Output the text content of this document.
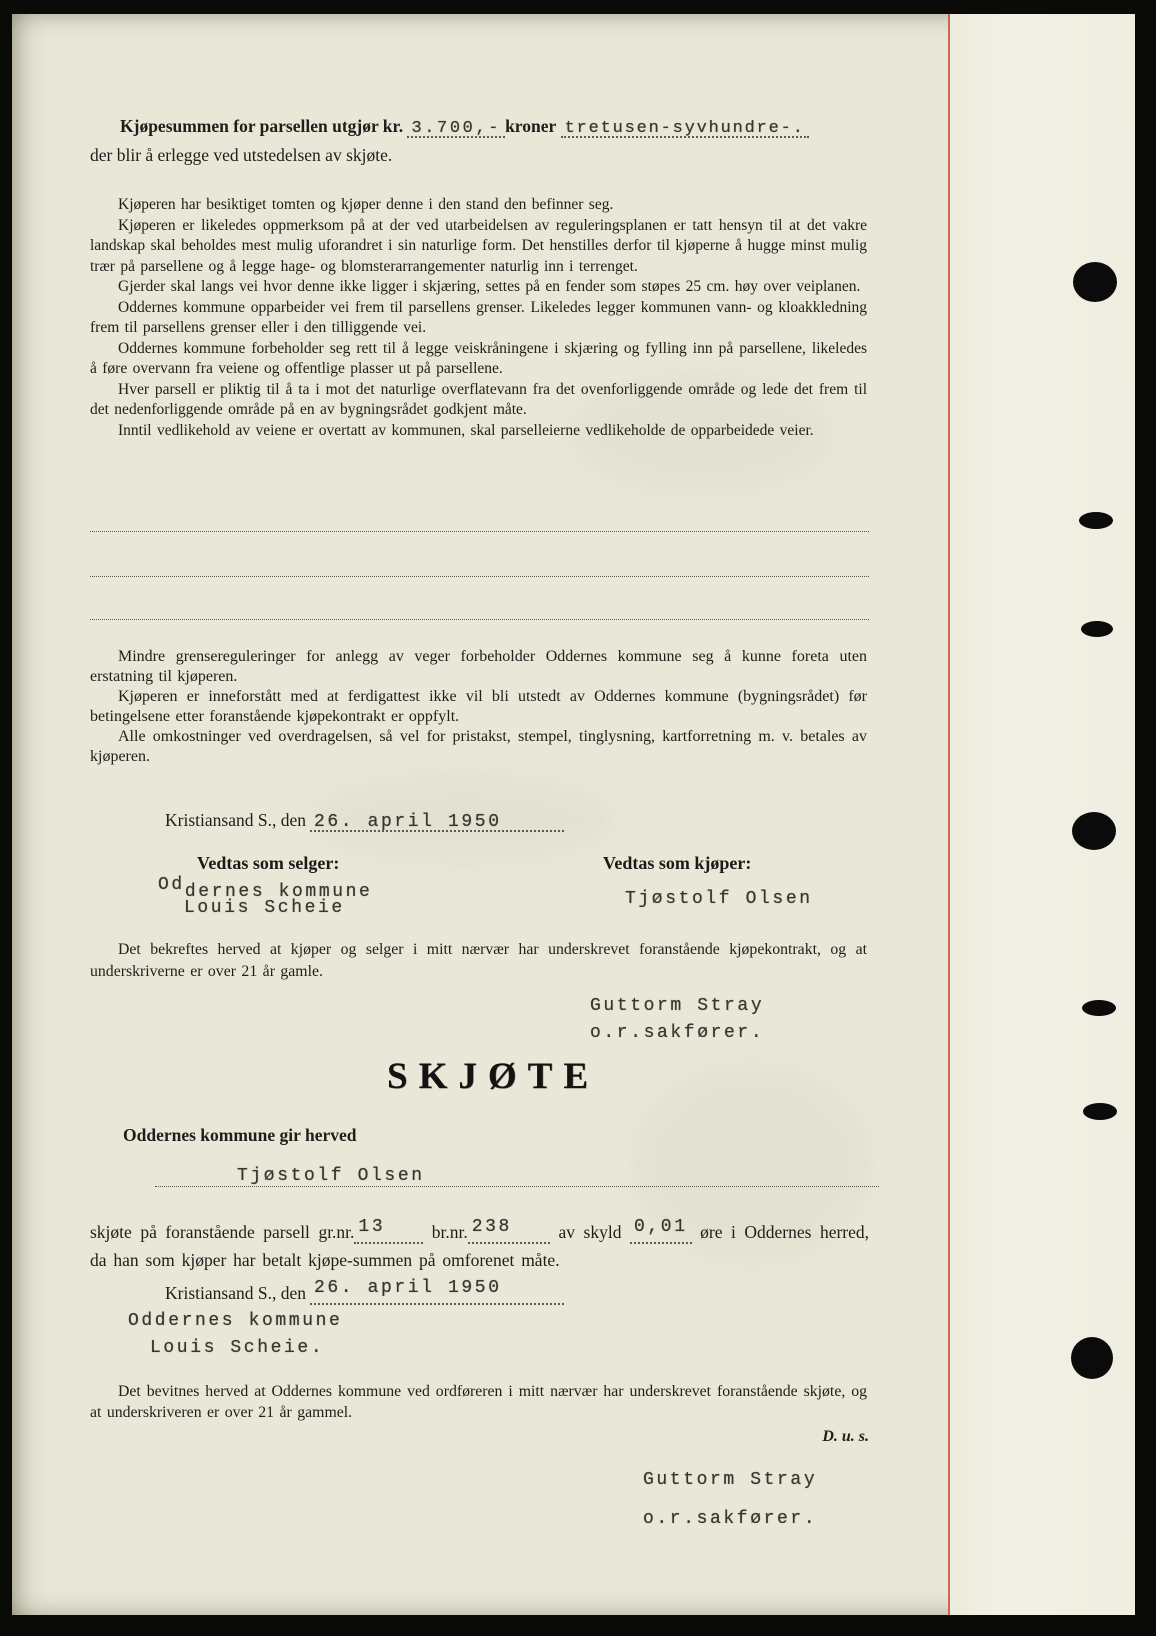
Kjøpesummen for parsellen utgjør kr. 3.700,- kroner tretusen-syvhundre-.
der blir å erlegge ved utstedelsen av skjøte.

Kjøperen har besiktiget tomten og kjøper denne i den stand den befinner seg.

Kjøperen er likeledes oppmerksom på at der ved utarbeidelsen av reguleringsplanen er tatt hensyn til at det vakre landskap skal beholdes mest mulig uforandret i sin naturlige form. Det henstilles derfor til kjøperne å hugge minst mulig trær på parsellene og å legge hage- og blomsterarrangementer naturlig inn i terrenget.

Gjerder skal langs vei hvor denne ikke ligger i skjæring, settes på en fender som støpes 25 cm. høy over veiplanen.

Oddernes kommune opparbeider vei frem til parsellens grenser. Likeledes legger kommunen vann- og kloakkledning frem til parsellens grenser eller i den tilliggende vei.

Oddernes kommune forbeholder seg rett til å legge veiskråningene i skjæring og fylling inn på parsellene, likeledes å føre overvann fra veiene og offentlige plasser ut på parsellene.

Hver parsell er pliktig til å ta i mot det naturlige overflatevann fra det ovenforliggende område og lede det frem til det nedenforliggende område på en av bygningsrådet godkjent måte.

Inntil vedlikehold av veiene er overtatt av kommunen, skal parselleierne vedlikeholde de opparbeidede veier.

Mindre grensereguleringer for anlegg av veger forbeholder Oddernes kommune seg å kunne foreta uten erstatning til kjøperen.

Kjøperen er inneforstått med at ferdigattest ikke vil bli utstedt av Oddernes kommune (bygningsrådet) før betingelsene etter foranstående kjøpekontrakt er oppfylt.

Alle omkostninger ved overdragelsen, så vel for pristakst, stempel, tinglysning, kartforretning m. v. betales av kjøperen.

Kristiansand S., den 26. april 1950
Vedtas som selger:	Vedtas som kjøper:
Oddernes kommune
Louis Scheie	Tjøstolf Olsen
Det bekreftes herved at kjøper og selger i mitt nærvær har underskrevet foranstående kjøpekontrakt, og at underskriverne er over 21 år gamle.
Guttorm Stray
o.r.sakfører.
SKJØTE
Oddernes kommune gir herved
Tjøstolf Olsen
skjøte på foranstående parsell gr.nr. 13	br.nr. 238	av skyld 0,01 øre i Oddernes herred, da han som kjøper har betalt kjøpe-summen på omforenet måte.
Kristiansand S., den 26. april 1950
Oddernes kommune
Louis Scheie.
Det bevitnes herved at Oddernes kommune ved ordføreren i mitt nærvær har underskrevet foranstående skjøte, og at underskriveren er over 21 år gammel.
D. u. s.
Guttorm Stray
o.r.sakfører.
